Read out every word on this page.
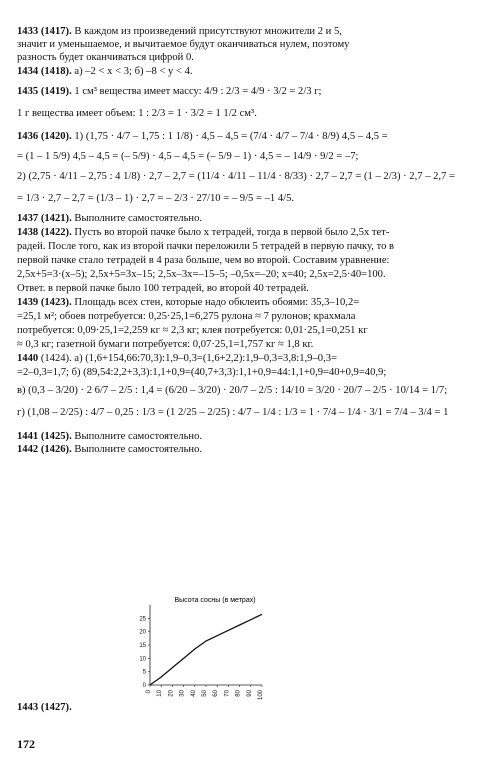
1433 (1417). В каждом из произведений присутствуют множители 2 и 5,
значит и уменьшаемое, и вычитаемое будут оканчиваться нулем, поэтому
разность будет оканчиваться цифрой 0.
1434 (1418). а) –2 < x < 3; б) –8 < y < 4.
1435 (1419). 1 см³ вещества имеет массу: 4/9 : 2/3 = 4/9 · 3/2 = 2/3 г;
1 г вещества имеет объем: 1 : 2/3 = 1 · 3/2 = 1 1/2 см³.
1436 (1420). 1) (1,75 · 4/7 – 1,75 : 1 1/8) · 4,5 – 4,5 = (7/4 · 4/7 – 7/4 · 8/9) 4,5 – 4,5 =
= (1 – 1 5/9) 4,5 – 4,5 = (– 5/9) · 4,5 – 4,5 = (– 5/9 – 1) · 4,5 = – 14/9 · 9/2 = –7;
2) (2,75 · 4/11 – 2,75 : 4 1/8) · 2,7 – 2,7 = (11/4 · 4/11 – 11/4 · 8/33) · 2,7 – 2,7 = (1 – 2/3) · 2,7 – 2,7 =
= 1/3 · 2,7 – 2,7 = (1/3 – 1) · 2,7 = – 2/3 · 27/10 = – 9/5 = –1 4/5.
1437 (1421). Выполните самостоятельно.
1438 (1422). Пусть во второй пачке было x тетрадей, тогда в первой было 2,5x тет-
радей. После того, как из второй пачки переложили 5 тетрадей в первую пачку, то в
первой пачке стало тетрадей в 4 раза больше, чем во второй. Составим уравнение:
2,5x+5=3·(x–5); 2,5x+5=3x–15; 2,5x–3x=–15–5; –0,5x=–20; x=40; 2,5x=2,5·40=100.
Ответ. в первой пачке было 100 тетрадей, во второй 40 тетрадей.
1439 (1423). Площадь всех стен, которые надо обклеить обоями: 35,3–10,2=
=25,1 м²; обоев потребуется: 0,25·25,1=6,275 рулона ≈ 7 рулонов; крахмала
потребуется: 0,09·25,1=2,259 кг ≈ 2,3 кг; клея потребуется: 0,01·25,1=0,251 кг
≈ 0,3 кг; газетной бумаги потребуется: 0,07·25,1=1,757 кг ≈ 1,8 кг.
1440 (1424). а) (1,6+154,66:70,3):1,9–0,3=(1,6+2,2):1,9–0,3=3,8:1,9–0,3=
=2–0,3=1,7; б) (89,54:2,2+3,3):1,1+0,9=(40,7+3,3):1,1+0,9=44:1,1+0,9=40+0,9=40,9;
в) (0,3 – 3/20) · 2 6/7 – 2/5 : 1,4 = (6/20 – 3/20) · 20/7 – 2/5 : 14/10 = 3/20 · 20/7 – 2/5 · 10/14 = 1/7;
г) (1,08 – 2/25) : 4/7 – 0,25 : 1/3 = (1 2/25 – 2/25) : 4/7 – 1/4 : 1/3 = 1 · 7/4 – 1/4 · 3/1 = 7/4 – 3/4 = 1
1441 (1425). Выполните самостоятельно.
1442 (1426). Выполните самостоятельно.
1443 (1427).
Высота сосны (в метрах)
0
5
10
15
20
25
0 10 20 30 40 50 60 70 80 90 100
172
